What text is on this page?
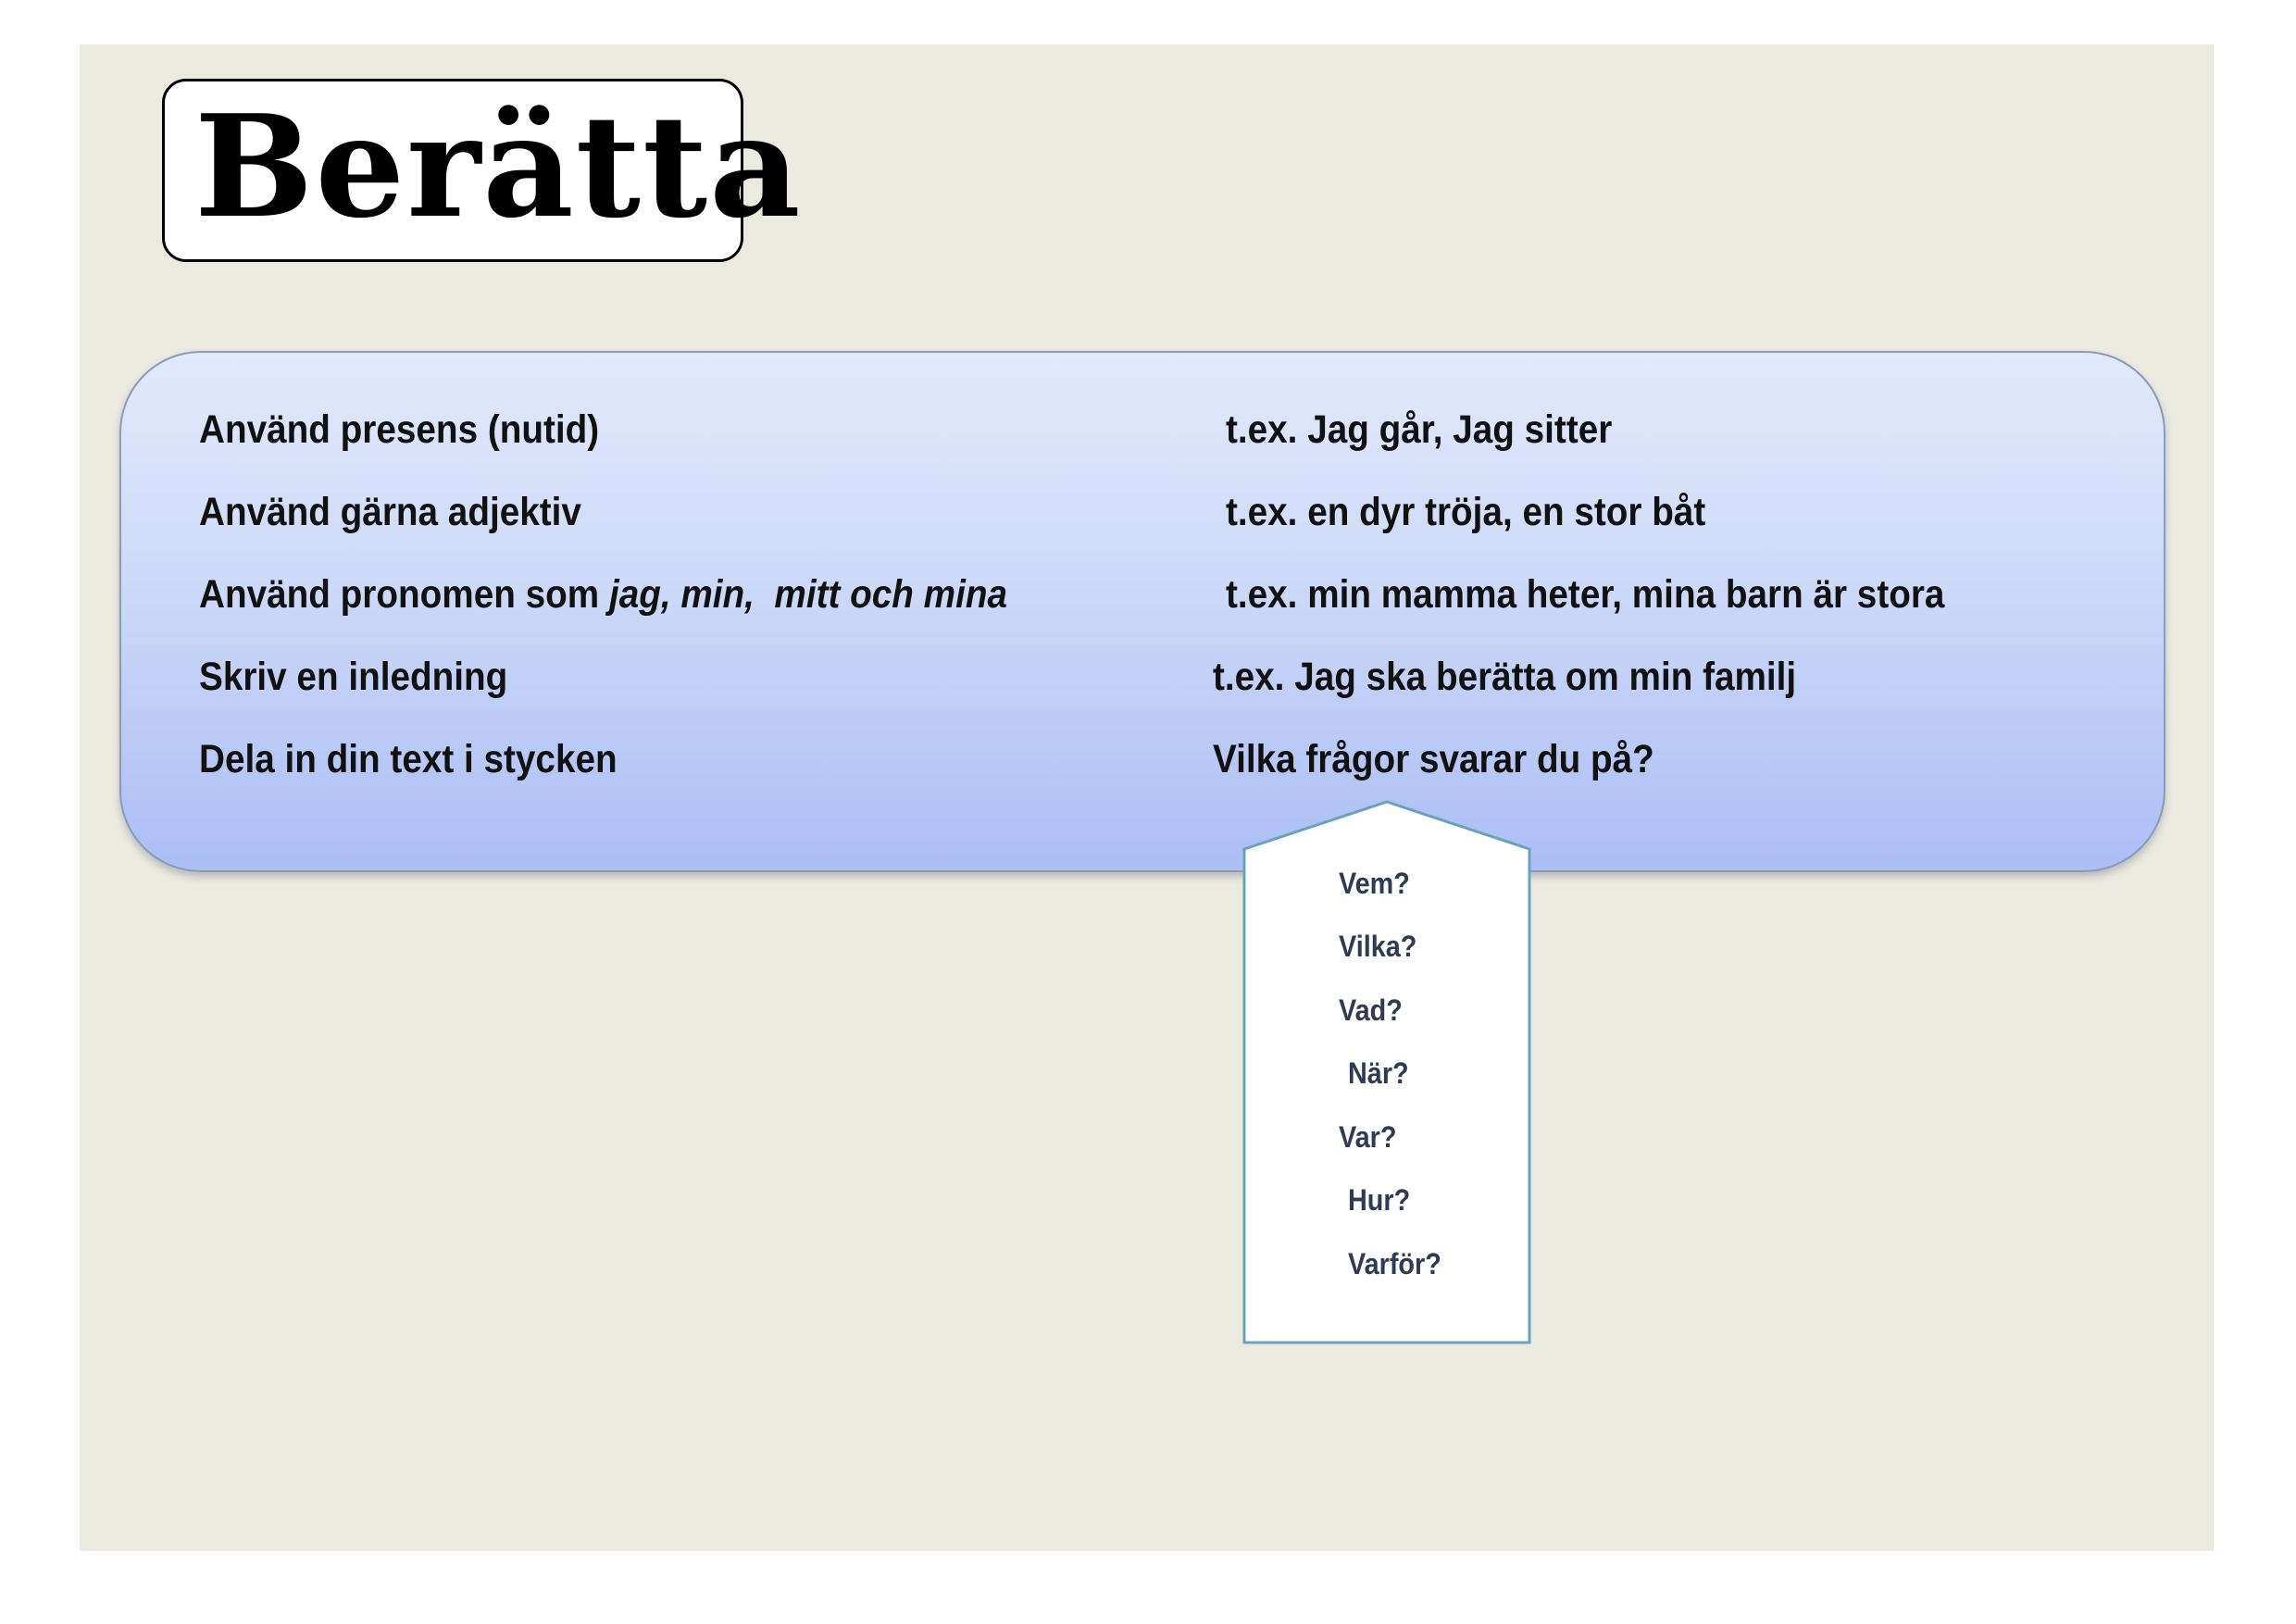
Berätta
Använd presens (nutid)	t.ex. Jag går, Jag sitter
Använd gärna adjektiv	t.ex. en dyr tröja, en stor båt
Använd pronomen som jag, min,  mitt och mina	t.ex. min mamma heter, mina barn är stora
Skriv en inledning	t.ex. Jag ska berätta om min familj
Dela in din text i stycken	Vilka frågor svarar du på?
Vem?
Vilka?
Vad?
När?
Var?
Hur?
Varför?
